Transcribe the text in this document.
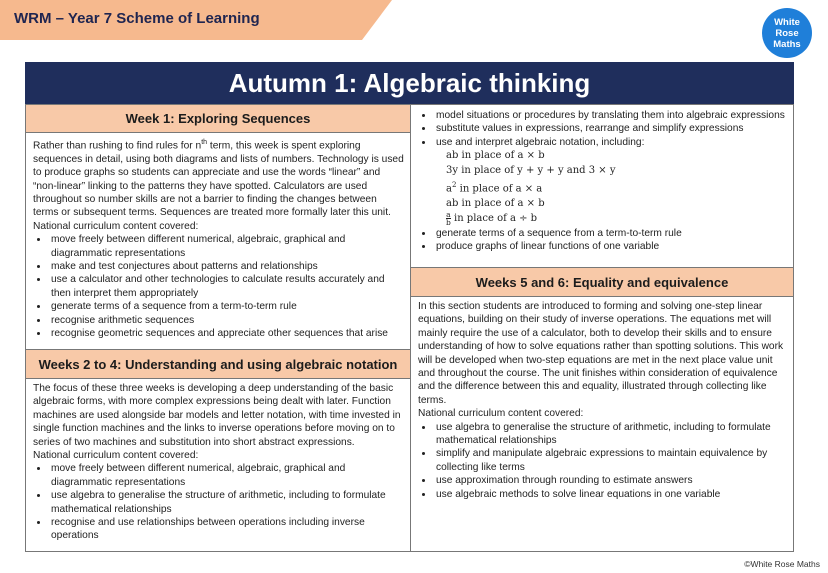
WRM – Year 7 Scheme of Learning	White
Rose
Maths
Autumn 1: Algebraic thinking
Week 1: Exploring Sequences
Rather than rushing to find rules for $n^{th}$ term, this week is spent exploring sequences in detail, using both diagrams and lists of numbers. Technology is used to produce graphs so students can appreciate and use the words “linear” and “non-linear” linking to the patterns they have spotted. Calculators are used throughout so number skills are not a barrier to finding the changes between terms or subsequent terms. Sequences are treated more formally later this unit.
National curriculum content covered:
• move freely between different numerical, algebraic, graphical and diagrammatic representations
• make and test conjectures about patterns and relationships
• use a calculator and other technologies to calculate results accurately and then interpret them appropriately
• generate terms of a sequence from a term-to-term rule
• recognise arithmetic sequences
• recognise geometric sequences and appreciate other sequences that arise
Weeks 2 to 4: Understanding and using algebraic notation
The focus of these three weeks is developing a deep understanding of the basic algebraic forms, with more complex expressions being dealt with later. Function machines are used alongside bar models and letter notation, with time invested in single function machines and the links to inverse operations before moving on to series of two machines and substitution into short abstract expressions.
National curriculum content covered:
• move freely between different numerical, algebraic, graphical and diagrammatic representations
• use algebra to generalise the structure of arithmetic, including to formulate mathematical relationships
• recognise and use relationships between operations including inverse operations
• model situations or procedures by translating them into algebraic expressions
• substitute values in expressions, rearrange and simplify expressions
• use and interpret algebraic notation, including:
ab in place of a × b
3y in place of y + y + y and 3 × y
$a^2$ in place of a × a
ab in place of a × b
$\frac{a}{b}$ in place of a ÷ b
• generate terms of a sequence from a term-to-term rule
• produce graphs of linear functions of one variable
Weeks 5 and 6: Equality and equivalence
In this section students are introduced to forming and solving one-step linear equations, building on their study of inverse operations. The equations met will mainly require the use of a calculator, both to develop their skills and to ensure understanding of how to solve equations rather than spotting solutions. This work will be developed when two-step equations are met in the next place value unit and throughout the course. The unit finishes within consideration of equivalence and the difference between this and equality, illustrated through collecting like terms.
National curriculum content covered:
• use algebra to generalise the structure of arithmetic, including to formulate mathematical relationships
• simplify and manipulate algebraic expressions to maintain equivalence by collecting like terms
• use approximation through rounding to estimate answers
• use algebraic methods to solve linear equations in one variable
©White Rose Maths
